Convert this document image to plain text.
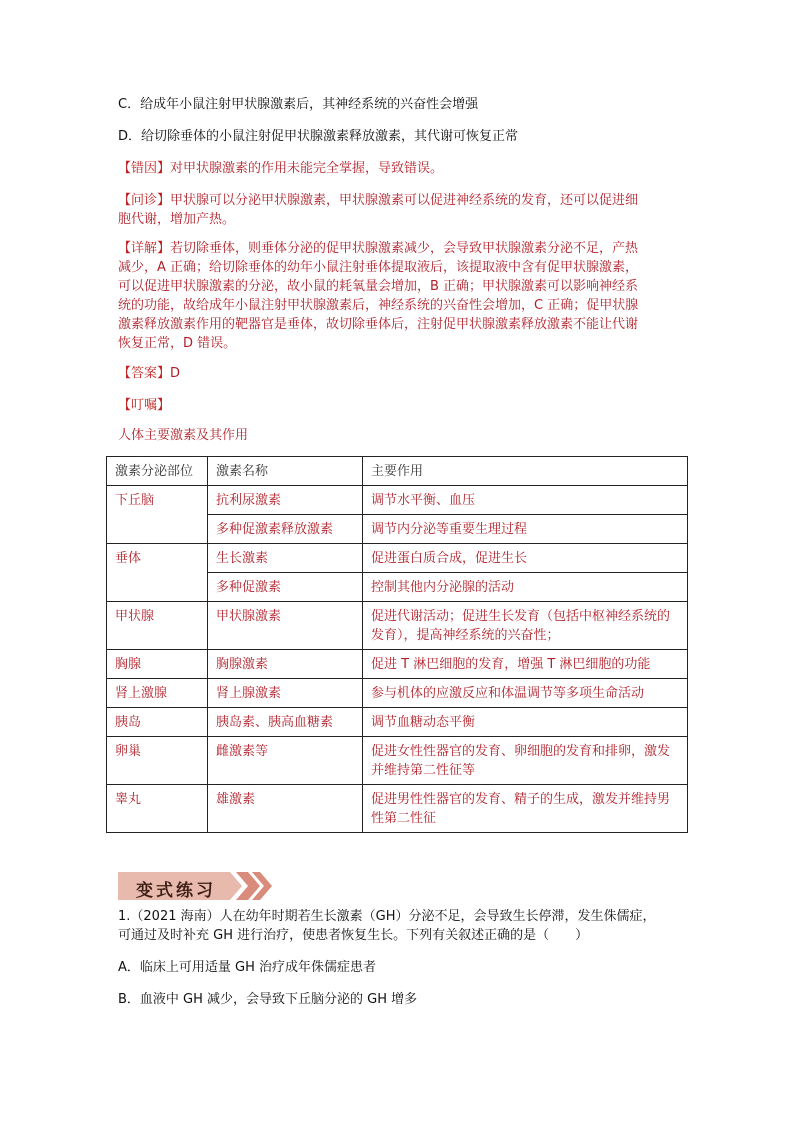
C．给成年小鼠注射甲状腺激素后，其神经系统的兴奋性会增强
D．给切除垂体的小鼠注射促甲状腺激素释放激素，其代谢可恢复正常
【错因】对甲状腺激素的作用未能完全掌握，导致错误。
【问诊】甲状腺可以分泌甲状腺激素，甲状腺激素可以促进神经系统的发育，还可以促进细
胞代谢，增加产热。
【详解】若切除垂体，则垂体分泌的促甲状腺激素减少，会导致甲状腺激素分泌不足，产热
减少，A 正确；给切除垂体的幼年小鼠注射垂体提取液后，该提取液中含有促甲状腺激素，
可以促进甲状腺激素的分泌，故小鼠的耗氧量会增加，B 正确；甲状腺激素可以影响神经系
统的功能，故给成年小鼠注射甲状腺激素后，神经系统的兴奋性会增加，C 正确；促甲状腺
激素释放激素作用的靶器官是垂体，故切除垂体后，注射促甲状腺激素释放激素不能让代谢
恢复正常，D 错误。
【答案】D
【叮嘱】
人体主要激素及其作用
激素分泌部位	激素名称	主要作用
下丘脑	抗利尿激素	调节水平衡、血压
	多种促激素释放激素	调节内分泌等重要生理过程
垂体	生长激素	促进蛋白质合成，促进生长
	多种促激素	控制其他内分泌腺的活动
甲状腺	甲状腺激素	促进代谢活动；促进生长发育（包括中枢神经系统的发育），提高神经系统的兴奋性；
胸腺	胸腺激素	促进 T 淋巴细胞的发育，增强 T 淋巴细胞的功能
肾上激腺	肾上腺激素	参与机体的应激反应和体温调节等多项生命活动
胰岛	胰岛素、胰高血糖素	调节血糖动态平衡
卵巢	雌激素等	促进女性性器官的发育、卵细胞的发育和排卵，激发并维持第二性征等
睾丸	雄激素	促进男性性器官的发育、精子的生成，激发并维持男性第二性征
变式练习
1.（2021 海南）人在幼年时期若生长激素（GH）分泌不足，会导致生长停滞，发生侏儒症，
可通过及时补充 GH 进行治疗，使患者恢复生长。下列有关叙述正确的是（　　）
A．临床上可用适量 GH 治疗成年侏儒症患者
B．血液中 GH 减少，会导致下丘脑分泌的 GH 增多
